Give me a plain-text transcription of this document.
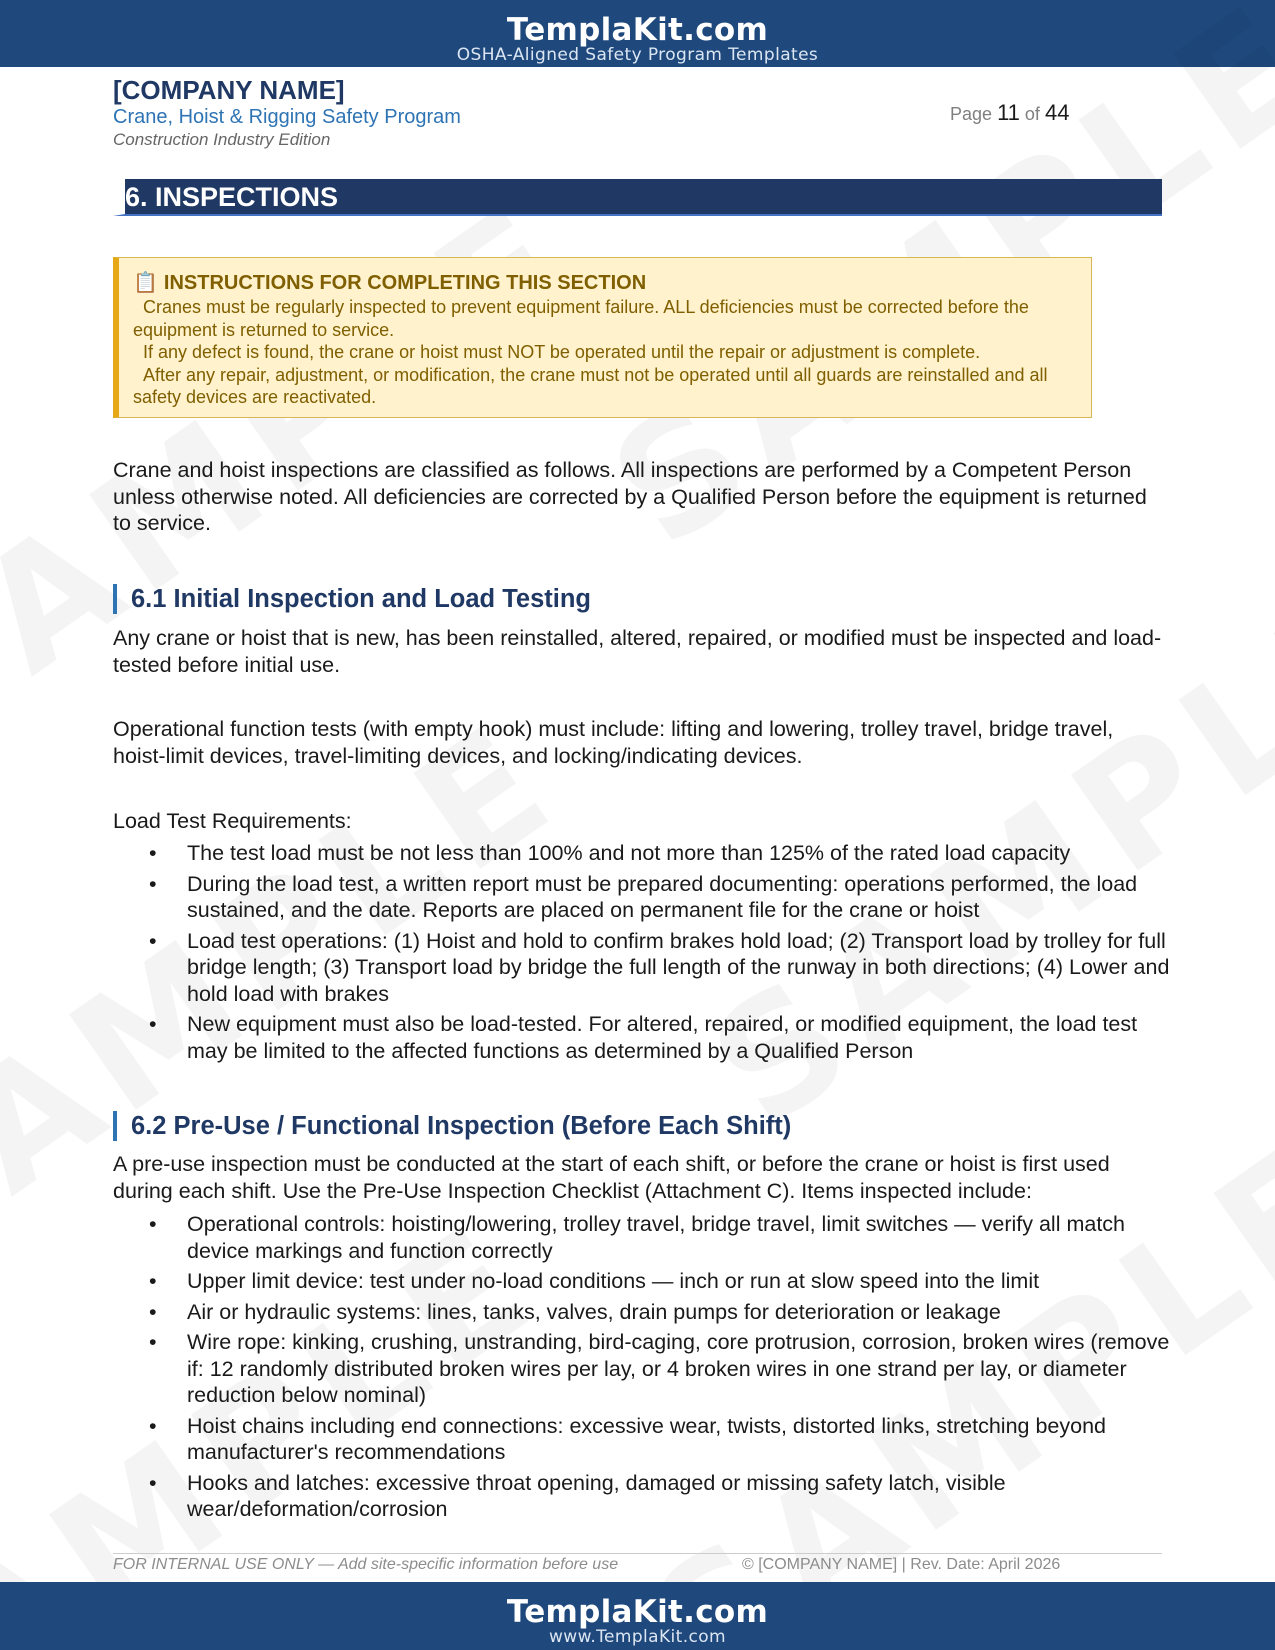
TemplaKit.com
OSHA-Aligned Safety Program Templates
[COMPANY NAME]
Crane, Hoist & Rigging Safety Program
Construction Industry Edition
Page 11 of 44
6. INSPECTIONS
📋 INSTRUCTIONS FOR COMPLETING THIS SECTION

Cranes must be regularly inspected to prevent equipment failure. ALL deficiencies must be corrected before the equipment is returned to service.

If any defect is found, the crane or hoist must NOT be operated until the repair or adjustment is complete.

After any repair, adjustment, or modification, the crane must not be operated until all guards are reinstalled and all safety devices are reactivated.

Crane and hoist inspections are classified as follows. All inspections are performed by a Competent Person unless otherwise noted. All deficiencies are corrected by a Qualified Person before the equipment is returned to service.
6.1 Initial Inspection and Load Testing
Any crane or hoist that is new, has been reinstalled, altered, repaired, or modified must be inspected and load-tested before initial use.
Operational function tests (with empty hook) must include: lifting and lowering, trolley travel, bridge travel, hoist-limit devices, travel-limiting devices, and locking/indicating devices.
Load Test Requirements:
• The test load must be not less than 100% and not more than 125% of the rated load capacity
• During the load test, a written report must be prepared documenting: operations performed, the load sustained, and the date. Reports are placed on permanent file for the crane or hoist
• Load test operations: (1) Hoist and hold to confirm brakes hold load; (2) Transport load by trolley for full bridge length; (3) Transport load by bridge the full length of the runway in both directions; (4) Lower and hold load with brakes
• New equipment must also be load-tested. For altered, repaired, or modified equipment, the load test may be limited to the affected functions as determined by a Qualified Person
6.2 Pre-Use / Functional Inspection (Before Each Shift)
A pre-use inspection must be conducted at the start of each shift, or before the crane or hoist is first used during each shift. Use the Pre-Use Inspection Checklist (Attachment C). Items inspected include:
• Operational controls: hoisting/lowering, trolley travel, bridge travel, limit switches — verify all match device markings and function correctly
• Upper limit device: test under no-load conditions — inch or run at slow speed into the limit
• Air or hydraulic systems: lines, tanks, valves, drain pumps for deterioration or leakage
• Wire rope: kinking, crushing, unstranding, bird-caging, core protrusion, corrosion, broken wires (remove if: 12 randomly distributed broken wires per lay, or 4 broken wires in one strand per lay, or diameter reduction below nominal)
• Hoist chains including end connections: excessive wear, twists, distorted links, stretching beyond manufacturer's recommendations
• Hooks and latches: excessive throat opening, damaged or missing safety latch, visible wear/deformation/corrosion
FOR INTERNAL USE ONLY — Add site-specific information before use	© [COMPANY NAME] | Rev. Date: April 2026
TemplaKit.com
www.TemplaKit.com
